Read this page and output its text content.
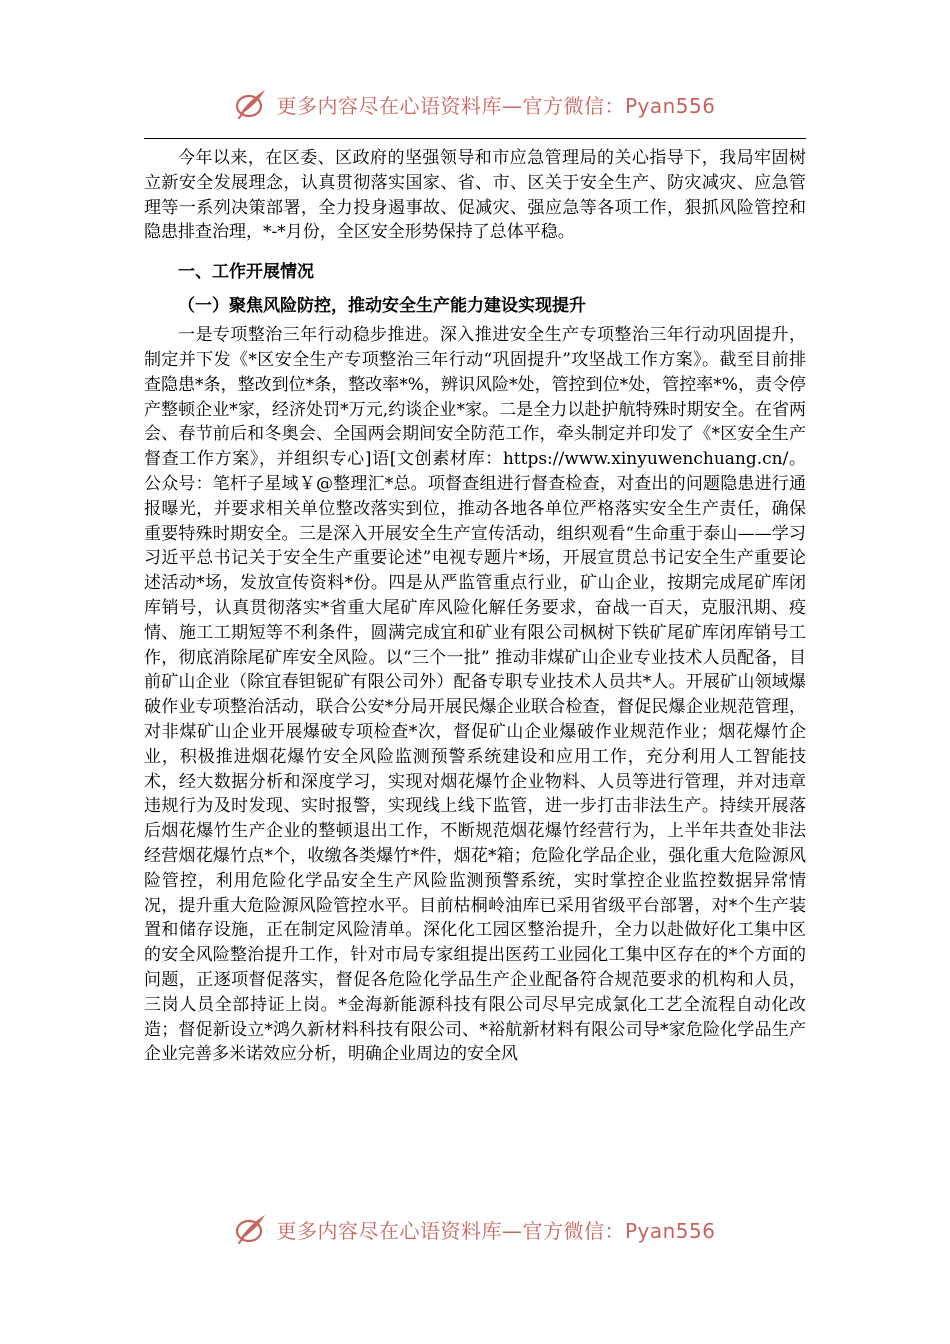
更多内容尽在心语资料库—官方微信：Pyan556

今年以来，在区委、区政府的坚强领导和市应急管理局的关心指导下，我局牢固树立新安全发展理念，认真贯彻落实国家、省、市、区关于安全生产、防灾减灾、应急管理等一系列决策部署，全力投身遏事故、促减灾、强应急等各项工作，狠抓风险管控和隐患排查治理，*-*月份，全区安全形势保持了总体平稳。

一、工作开展情况

（一）聚焦风险防控，推动安全生产能力建设实现提升

一是专项整治三年行动稳步推进。深入推进安全生产专项整治三年行动巩固提升，制定并下发《*区安全生产专项整治三年行动“巩固提升”攻坚战工作方案》。截至目前排查隐患*条，整改到位*条，整改率*%，辨识风险*处，管控到位*处，管控率*%，责令停产整顿企业*家，经济处罚*万元,约谈企业*家。二是全力以赴护航特殊时期安全。在省两会、春节前后和冬奥会、全国两会期间安全防范工作，牵头制定并印发了《*区安全生产督查工作方案》，并组织专心]语[文创素材库：https://www.xinyuwenchuang.cn/。公众号：笔杆子星域￥@整理汇*总。项督查组进行督查检查，对查出的问题隐患进行通报曝光，并要求相关单位整改落实到位，推动各地各单位严格落实安全生产责任，确保重要特殊时期安全。三是深入开展安全生产宣传活动，组织观看“生命重于泰山——学习习近平总书记关于安全生产重要论述”电视专题片*场，开展宣贯总书记安全生产重要论述活动*场，发放宣传资料*份。四是从严监管重点行业，矿山企业，按期完成尾矿库闭库销号，认真贯彻落实*省重大尾矿库风险化解任务要求，奋战一百天，克服汛期、疫情、施工工期短等不利条件，圆满完成宜和矿业有限公司枫树下铁矿尾矿库闭库销号工作，彻底消除尾矿库安全风险。以“三个一批” 推动非煤矿山企业专业技术人员配备，目前矿山企业（除宜春钽铌矿有限公司外）配备专职专业技术人员共*人。开展矿山领域爆破作业专项整治活动，联合公安*分局开展民爆企业联合检查，督促民爆企业规范管理，对非煤矿山企业开展爆破专项检查*次，督促矿山企业爆破作业规范作业；烟花爆竹企业，积极推进烟花爆竹安全风险监测预警系统建设和应用工作，充分利用人工智能技术，经大数据分析和深度学习，实现对烟花爆竹企业物料、人员等进行管理，并对违章违规行为及时发现、实时报警，实现线上线下监管，进一步打击非法生产。持续开展落后烟花爆竹生产企业的整顿退出工作，不断规范烟花爆竹经营行为，上半年共查处非法经营烟花爆竹点*个，收缴各类爆竹*件，烟花*箱；危险化学品企业，强化重大危险源风险管控，利用危险化学品安全生产风险监测预警系统，实时掌控企业监控数据异常情况，提升重大危险源风险管控水平。目前枯桐岭油库已采用省级平台部署，对*个生产装置和储存设施，正在制定风险清单。深化化工园区整治提升，全力以赴做好化工集中区的安全风险整治提升工作，针对市局专家组提出医药工业园化工集中区存在的*个方面的问题，正逐项督促落实，督促各危险化学品生产企业配备符合规范要求的机构和人员，三岗人员全部持证上岗。*金海新能源科技有限公司尽早完成氯化工艺全流程自动化改造；督促新设立*鸿久新材料科技有限公司、*裕航新材料有限公司导*家危险化学品生产企业完善多米诺效应分析，明确企业周边的安全风

更多内容尽在心语资料库—官方微信：Pyan556
